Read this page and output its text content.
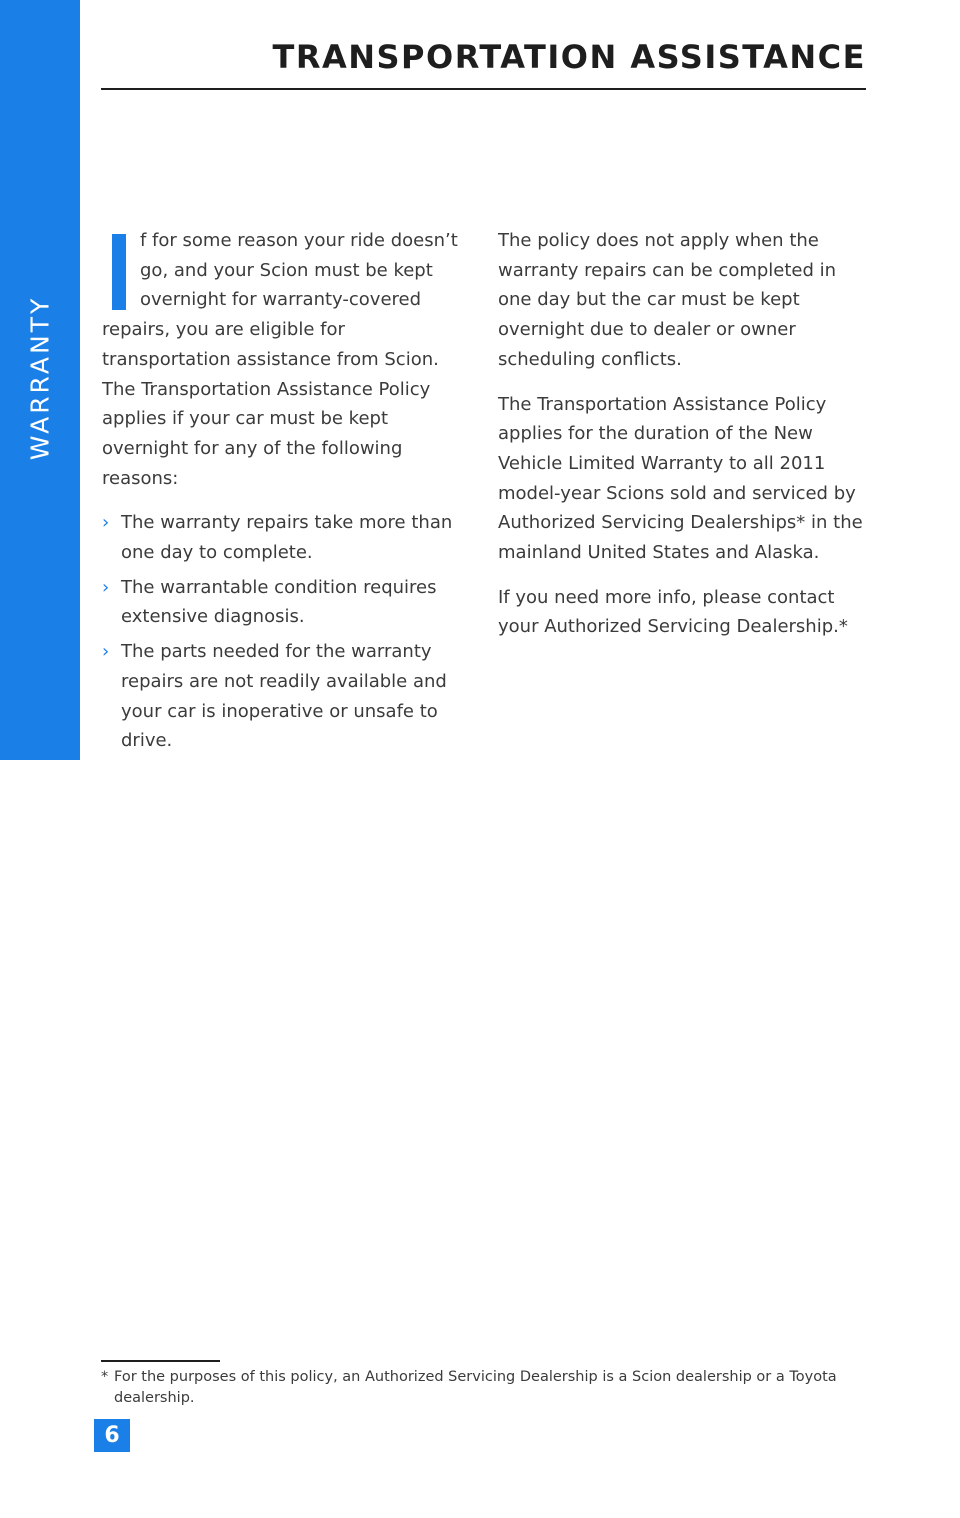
WARRANTY
TRANSPORTATION ASSISTANCE

f for some reason your ride doesn’t go, and your Scion must be kept overnight for warranty-covered repairs, you are eligible for transportation assistance from Scion. The Transportation Assistance Policy applies if your car must be kept overnight for any of the following reasons:

› The warranty repairs take more than one day to complete.
› The warrantable condition requires extensive diagnosis.
› The parts needed for the warranty repairs are not readily available and your car is inoperative or unsafe to drive.

The policy does not apply when the warranty repairs can be completed in one day but the car must be kept overnight due to dealer or owner scheduling conflicts.

The Transportation Assistance Policy applies for the duration of the New Vehicle Limited Warranty to all 2011 model-year Scions sold and serviced by Authorized Servicing Dealerships* in the mainland United States and Alaska.

If you need more info, please contact your Authorized Servicing Dealership.*

* For the purposes of this policy, an Authorized Servicing Dealership is a Scion dealership or a Toyota dealership.
6
